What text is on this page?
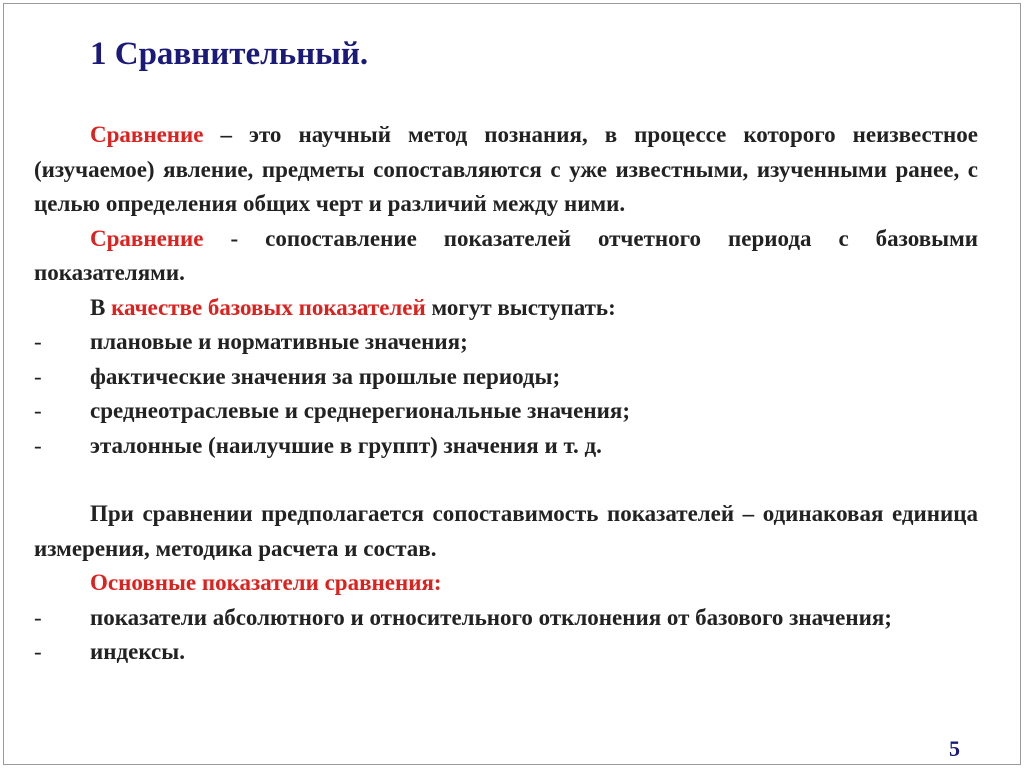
1 Сравнительный.

Сравнение – это научный метод познания, в процессе которого неизвестное (изучаемое) явление, предметы сопоставляются с уже известными, изученными ранее, с целью определения общих черт и различий между ними.

Сравнение - сопоставление показателей отчетного периода с базовыми показателями.

В качестве базовых показателей могут выступать:

-	плановые и нормативные значения;
-	фактические значения за прошлые периоды;
-	среднеотраслевые и среднерегиональные значения;
-	эталонные (наилучшие в группт) значения и т. д.

При сравнении предполагается сопоставимость показателей – одинаковая единица измерения, методика расчета и состав.

Основные показатели сравнения:

-	показатели абсолютного и относительного отклонения от базового значения;

-	индексы.
5
